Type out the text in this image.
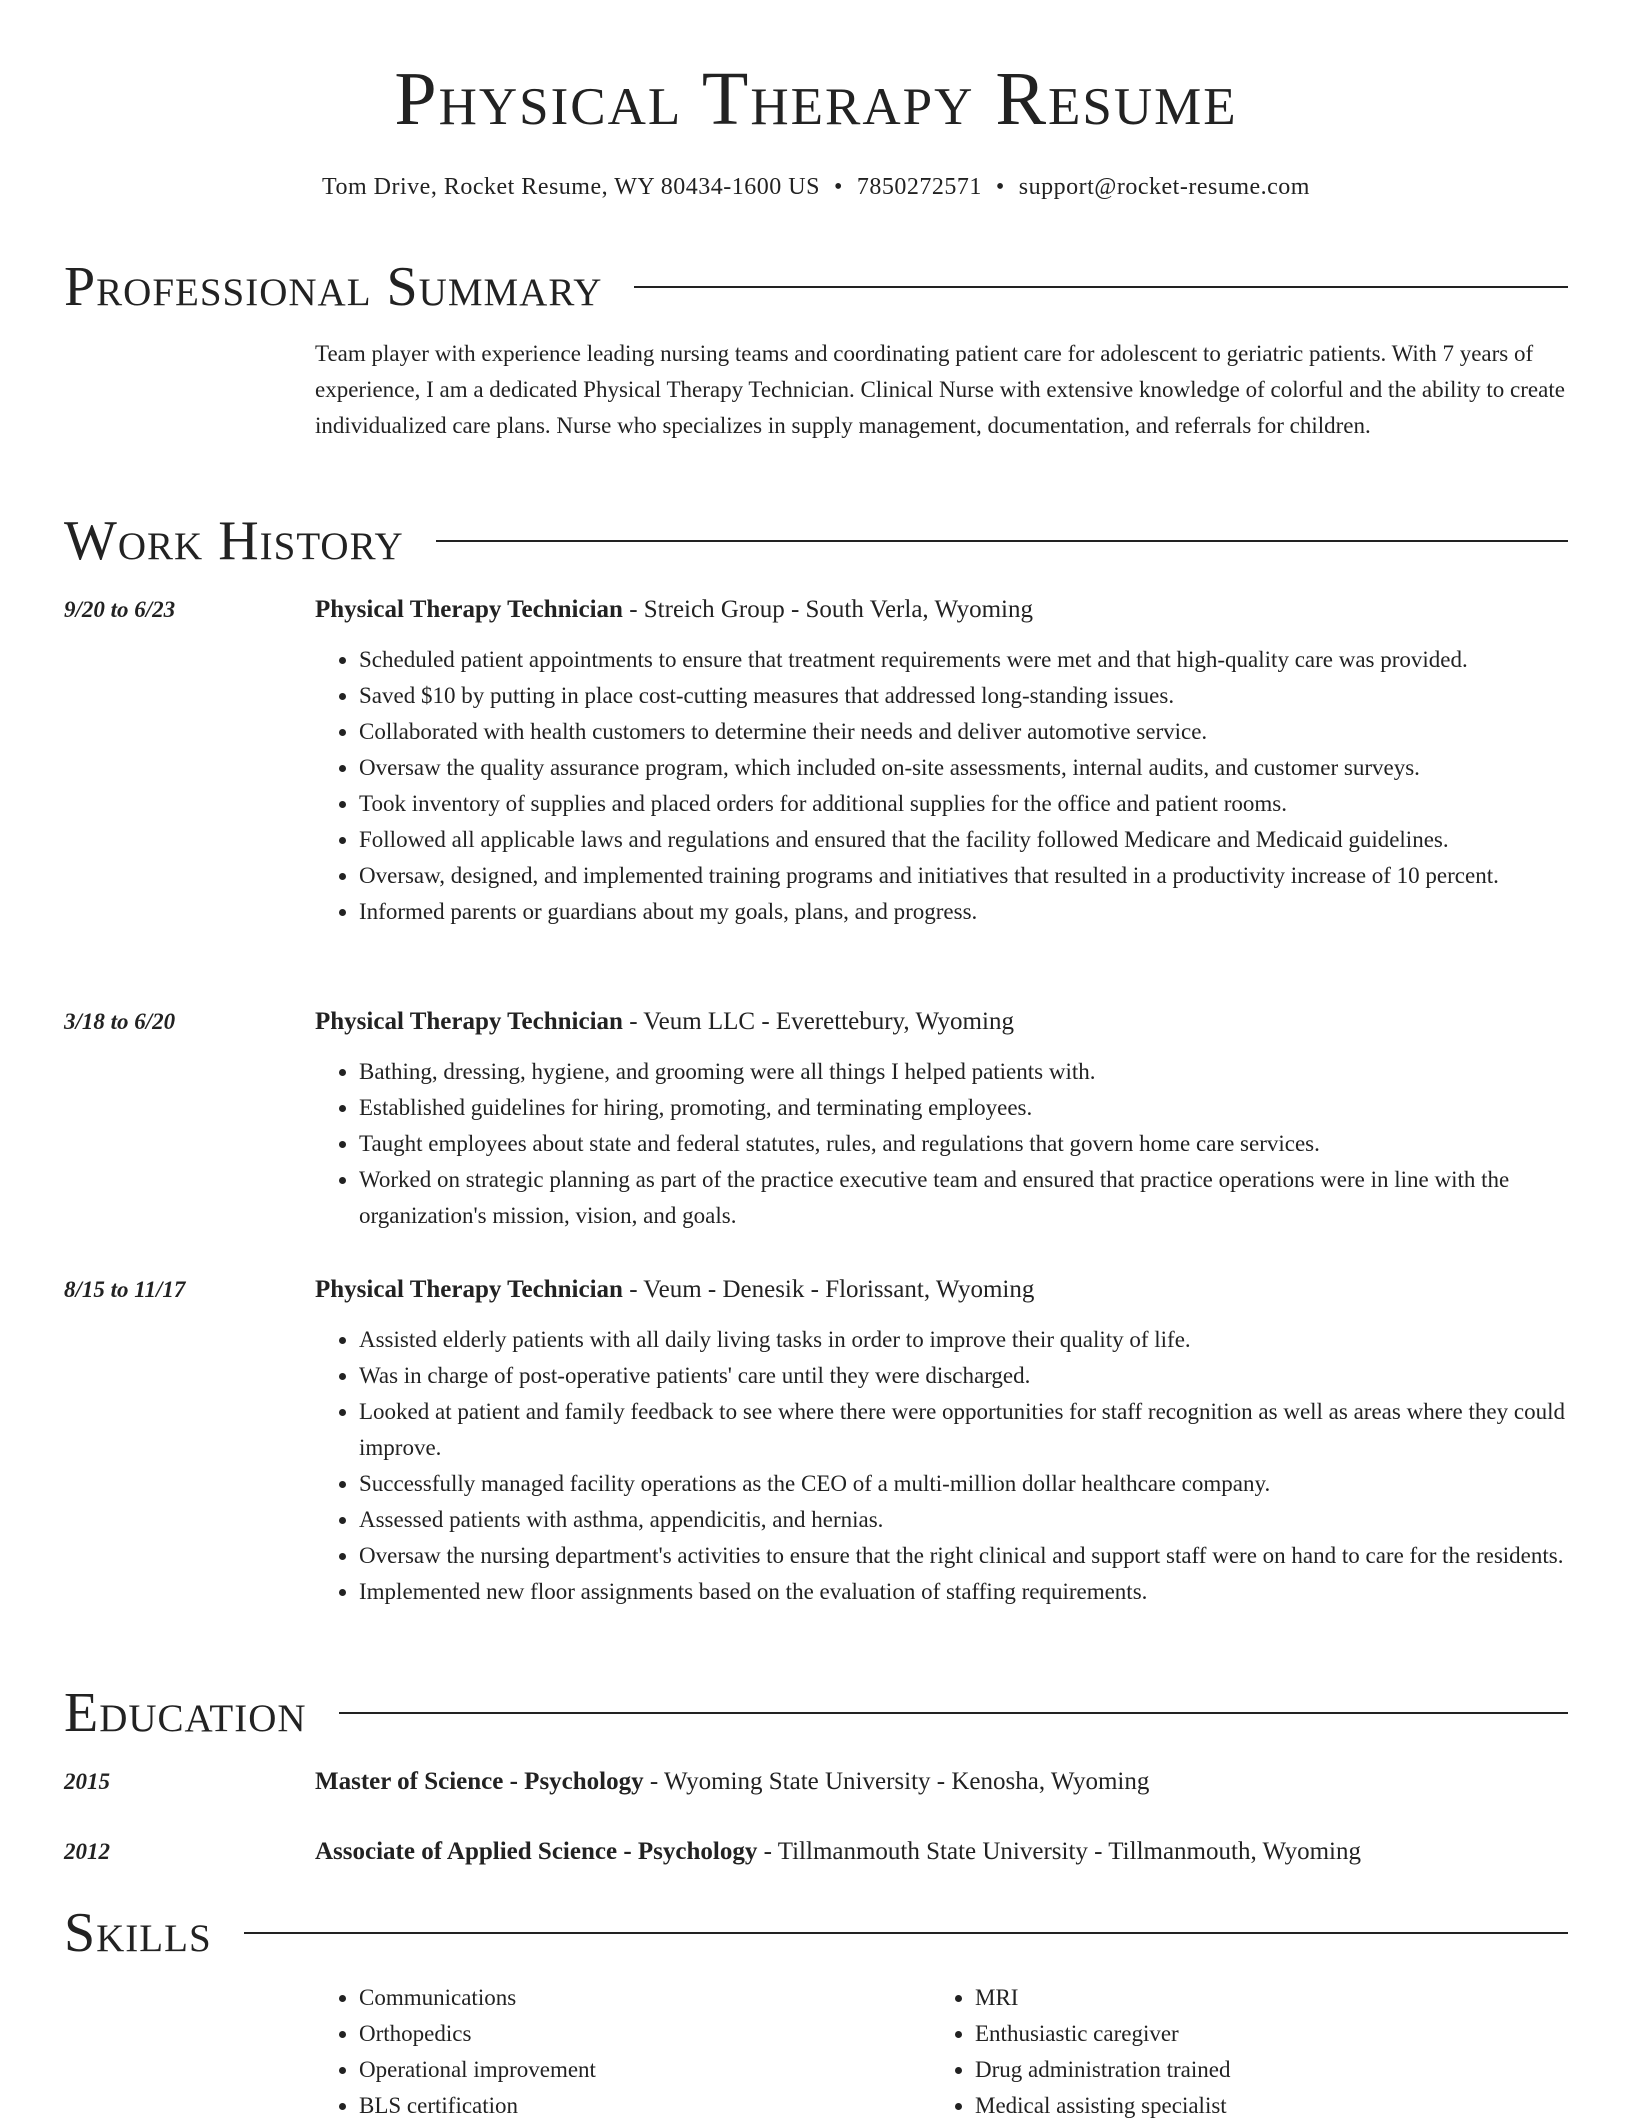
Physical Therapy Resume
Tom Drive, Rocket Resume, WY 80434-1600 US • 7850272571 • support@rocket-resume.com
Professional Summary

Team player with experience leading nursing teams and coordinating patient care for adolescent to geriatric patients. With 7 years of experience, I am a dedicated Physical Therapy Technician. Clinical Nurse with extensive knowledge of colorful and the ability to create individualized care plans. Nurse who specializes in supply management, documentation, and referrals for children.

Work History
9/20 to 6/23	Physical Therapy Technician - Streich Group - South Verla, Wyoming
• Scheduled patient appointments to ensure that treatment requirements were met and that high-quality care was provided.
• Saved $10 by putting in place cost-cutting measures that addressed long-standing issues.
• Collaborated with health customers to determine their needs and deliver automotive service.
• Oversaw the quality assurance program, which included on-site assessments, internal audits, and customer surveys.
• Took inventory of supplies and placed orders for additional supplies for the office and patient rooms.
• Followed all applicable laws and regulations and ensured that the facility followed Medicare and Medicaid guidelines.
• Oversaw, designed, and implemented training programs and initiatives that resulted in a productivity increase of 10 percent.
• Informed parents or guardians about my goals, plans, and progress.
3/18 to 6/20	Physical Therapy Technician - Veum LLC - Everettebury, Wyoming
• Bathing, dressing, hygiene, and grooming were all things I helped patients with.
• Established guidelines for hiring, promoting, and terminating employees.
• Taught employees about state and federal statutes, rules, and regulations that govern home care services.
• Worked on strategic planning as part of the practice executive team and ensured that practice operations were in line with the organization's mission, vision, and goals.
8/15 to 11/17	Physical Therapy Technician - Veum - Denesik - Florissant, Wyoming
• Assisted elderly patients with all daily living tasks in order to improve their quality of life.
• Was in charge of post-operative patients' care until they were discharged.
• Looked at patient and family feedback to see where there were opportunities for staff recognition as well as areas where they could improve.
• Successfully managed facility operations as the CEO of a multi-million dollar healthcare company.
• Assessed patients with asthma, appendicitis, and hernias.
• Oversaw the nursing department's activities to ensure that the right clinical and support staff were on hand to care for the residents.
• Implemented new floor assignments based on the evaluation of staffing requirements.
Education
2015	Master of Science - Psychology - Wyoming State University - Kenosha, Wyoming
2012	Associate of Applied Science - Psychology - Tillmanmouth State University - Tillmanmouth, Wyoming
Skills
• Communications
• Orthopedics
• Operational improvement
• BLS certification
• MRI
• Enthusiastic caregiver
• Drug administration trained
• Medical assisting specialist
